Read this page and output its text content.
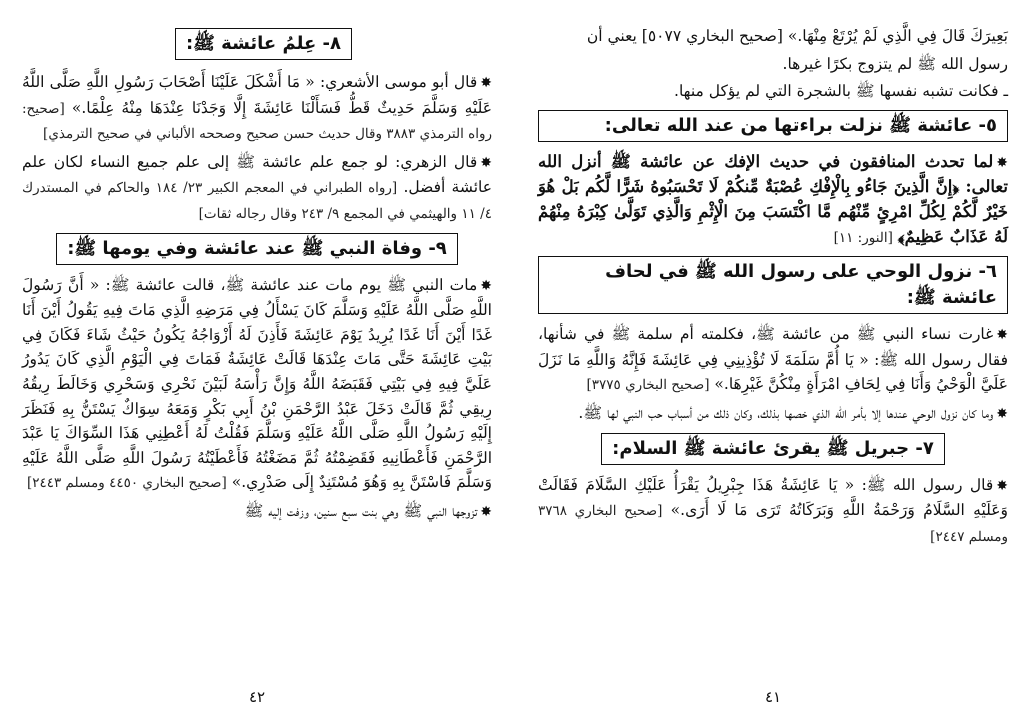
بَعِيرَكَ قَالَ فِي الَّذِي لَمْ يُرْتَعْ مِنْهَا.» [صحيح البخاري ٥٠٧٧] يعني أن
رسول الله ﷺ لم يتزوج بكرًا غيرها.
ـ فكانت تشبه نفسها ﷺ بالشجرة التي لم يؤكل منها.
٥- عائشة ﷺ نزلت براءتها من عند الله تعالى:
✸لما تحدث المنافقون في حديث الإفك عن عائشة ﷺ أنزل الله تعالى: ﴿إِنَّ الَّذِينَ جَاءُو بِالْإِفْكِ عُصْبَةٌ مِّنكُمْ لَا تَحْسَبُوهُ شَرًّا لَّكُم بَلْ هُوَ خَيْرٌ لَّكُمْ لِكُلِّ امْرِئٍ مِّنْهُم مَّا اكْتَسَبَ مِنَ الْإِثْمِ وَالَّذِي تَوَلَّىٰ كِبْرَهُ مِنْهُمْ لَهُ عَذَابٌ عَظِيمٌ﴾ [النور: ١١]
٦- نزول الوحي على رسول الله ﷺ في لحاف عائشة ﷺ:
✸غارت نساء النبي ﷺ من عائشة ﷺ، فكلمته أم سلمة ﷺ في شأنها، فقال رسول الله ﷺ: « يَا أُمَّ سَلَمَةَ لَا تُؤْذِينِي فِي عَائِشَةَ فَإِنَّهُ وَاللَّهِ مَا نَزَلَ عَلَيَّ الْوَحْيُ وَأَنَا فِي لِحَافِ امْرَأَةٍ مِنْكُنَّ غَيْرِهَا.» [صحيح البخاري ٣٧٧٥]
✸وما كان نزول الوحي عندها إلا بأمر الله الذي خصها بذلك، وكان ذلك من أسباب حب النبي لها ﷺ.
٧- جبريل ﷺ يقرئ عائشة ﷺ السلام:
✸قال رسول الله ﷺ: « يَا عَائِشَةُ هَذَا جِبْرِيلُ يَقْرَأُ عَلَيْكِ السَّلَامَ فَقَالَتْ وَعَلَيْهِ السَّلَامُ وَرَحْمَةُ اللَّهِ وَبَرَكَاتُهُ تَرَى مَا لَا أَرَى.» [صحيح البخاري ٣٧٦٨ ومسلم ٢٤٤٧]
٤١
٨- عِلمُ عائشة ﷺ:
✸قال أبو موسى الأشعري: « مَا أَشْكَلَ عَلَيْنَا أَصْحَابَ رَسُولِ اللَّهِ صَلَّى اللَّهُ عَلَيْهِ وَسَلَّمَ حَدِيثٌ قَطُّ فَسَأَلْنَا عَائِشَةَ إِلَّا وَجَدْنَا عِنْدَهَا مِنْهُ عِلْمًا.» [صحيح: رواه الترمذي ٣٨٨٣ وقال حديث حسن صحيح وصححه الألباني في صحيح الترمذي]
✸قال الزهري: لو جمع علم عائشة ﷺ إلى علم جميع النساء لكان علم عائشة أفضل. [رواه الطبراني في المعجم الكبير ٢٣/ ١٨٤ والحاكم في المستدرك ٤/ ١١ والهيثمي في المجمع ٩/ ٢٤٣ وقال رجاله ثقات]
٩- وفاة النبي ﷺ عند عائشة وفي يومها ﷺ:
✸مات النبي ﷺ يوم مات عند عائشة ﷺ، قالت عائشة ﷺ: « أَنَّ رَسُولَ اللَّهِ صَلَّى اللَّهُ عَلَيْهِ وَسَلَّمَ كَانَ يَسْأَلُ فِي مَرَضِهِ الَّذِي مَاتَ فِيهِ يَقُولُ أَيْنَ أَنَا غَدًا أَيْنَ أَنَا غَدًا يُرِيدُ يَوْمَ عَائِشَةَ فَأَذِنَ لَهُ أَزْوَاجُهُ يَكُونُ حَيْثُ شَاءَ فَكَانَ فِي بَيْتِ عَائِشَةَ حَتَّى مَاتَ عِنْدَهَا قَالَتْ عَائِشَةُ فَمَاتَ فِي الْيَوْمِ الَّذِي كَانَ يَدُورُ عَلَيَّ فِيهِ فِي بَيْتِي فَقَبَضَهُ اللَّهُ وَإِنَّ رَأْسَهُ لَبَيْنَ نَحْرِي وَسَحْرِي وَخَالَطَ رِيقُهُ رِيقِي ثُمَّ قَالَتْ دَخَلَ عَبْدُ الرَّحْمَنِ بْنُ أَبِي بَكْرٍ وَمَعَهُ سِوَاكٌ يَسْتَنُّ بِهِ فَنَظَرَ إِلَيْهِ رَسُولُ اللَّهِ صَلَّى اللَّهُ عَلَيْهِ وَسَلَّمَ فَقُلْتُ لَهُ أَعْطِنِي هَذَا السِّوَاكَ يَا عَبْدَ الرَّحْمَنِ فَأَعْطَانِيهِ فَقَضِمْتُهُ ثُمَّ مَضَغْتُهُ فَأَعْطَيْتُهُ رَسُولَ اللَّهِ صَلَّى اللَّهُ عَلَيْهِ وَسَلَّمَ فَاسْتَنَّ بِهِ وَهُوَ مُسْتَنِدٌ إِلَى صَدْرِي.» [صحيح البخاري ٤٤٥٠ ومسلم ٢٤٤٣]
✸تزوجها النبي ﷺ وهي بنت سبع سنين، وزفت إليه ﷺ
٤٢
